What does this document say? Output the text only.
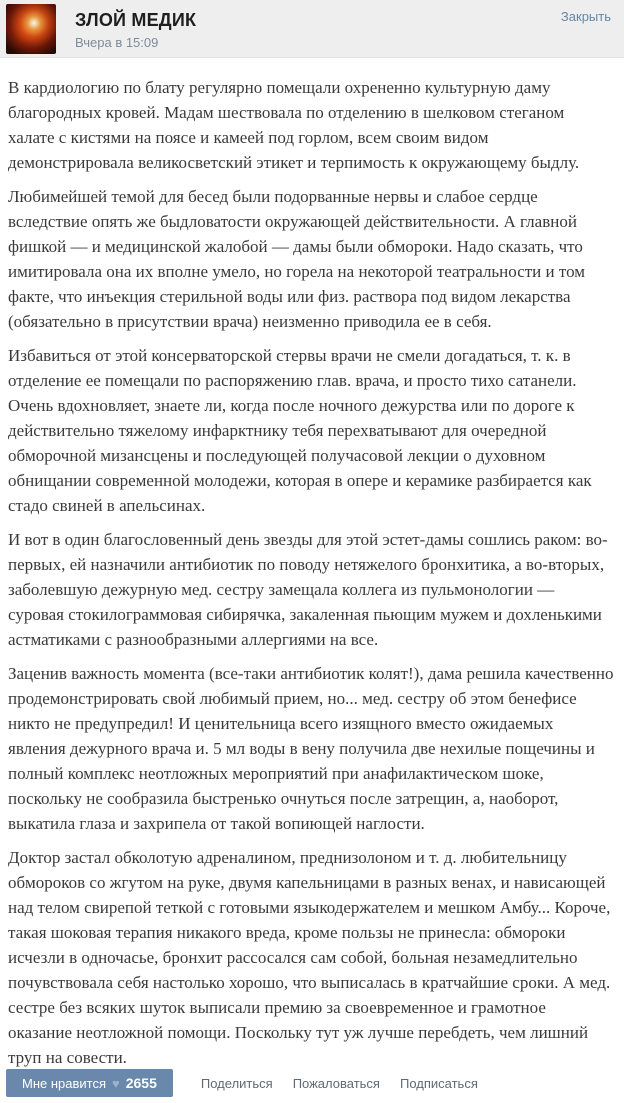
ЗЛОЙ МЕДИК
Вчера в 15:09
Закрыть

В кардиологию по блату регулярно помещали охрененно культурную даму благородных кровей. Мадам шествовала по отделению в шелковом стеганом халате с кистями на поясе и камеей под горлом, всем своим видом демонстрировала великосветский этикет и терпимость к окружающему быдлу.

Любимейшей темой для бесед были подорванные нервы и слабое сердце вследствие опять же быдловатости окружающей действительности. А главной фишкой — и медицинской жалобой — дамы были обмороки. Надо сказать, что имитировала она их вполне умело, но горела на некоторой театральности и том факте, что инъекция стерильной воды или физ. раствора под видом лекарства (обязательно в присутствии врача) неизменно приводила ее в себя.

Избавиться от этой консерваторской стервы врачи не смели догадаться, т. к. в отделение ее помещали по распоряжению глав. врача, и просто тихо сатанели. Очень вдохновляет, знаете ли, когда после ночного дежурства или по дороге к действительно тяжелому инфарктнику тебя перехватывают для очередной обморочной мизансцены и последующей получасовой лекции о духовном обнищании современной молодежи, которая в опере и керамике разбирается как стадо свиней в апельсинах.

И вот в один благословенный день звезды для этой эстет-дамы сошлись раком: во-первых, ей назначили антибиотик по поводу нетяжелого бронхитика, а во-вторых, заболевшую дежурную мед. сестру замещала коллега из пульмонологии — суровая стокилограммовая сибирячка, закаленная пьющим мужем и дохленькими астматиками с разнообразными аллергиями на все.

Заценив важность момента (все-таки антибиотик колят!), дама решила качественно продемонстрировать свой любимый прием, но... мед. сестру об этом бенефисе никто не предупредил! И ценительница всего изящного вместо ожидаемых явления дежурного врача и. 5 мл воды в вену получила две нехилые пощечины и полный комплекс неотложных мероприятий при анафилактическом шоке, поскольку не сообразила быстренько очнуться после затрещин, а, наоборот, выкатила глаза и захрипела от такой вопиющей наглости.

Доктор застал обколотую адреналином, преднизолоном и т. д. любительницу обмороков со жгутом на руке, двумя капельницами в разных венах, и нависающей над телом свирепой теткой с готовыми языкодержателем и мешком Амбу... Короче, такая шоковая терапия никакого вреда, кроме пользы не принесла: обмороки исчезли в одночасье, бронхит рассосался сам собой, больная незамедлительно почувствовала себя настолько хорошо, что выписалась в кратчайшие сроки. А мед. сестре без всяких шуток выписали премию за своевременное и грамотное оказание неотложной помощи. Поскольку тут уж лучше перебдеть, чем лишний труп на совести.

Мне нравится ♥ 2655	Поделиться Пожаловаться Подписаться
